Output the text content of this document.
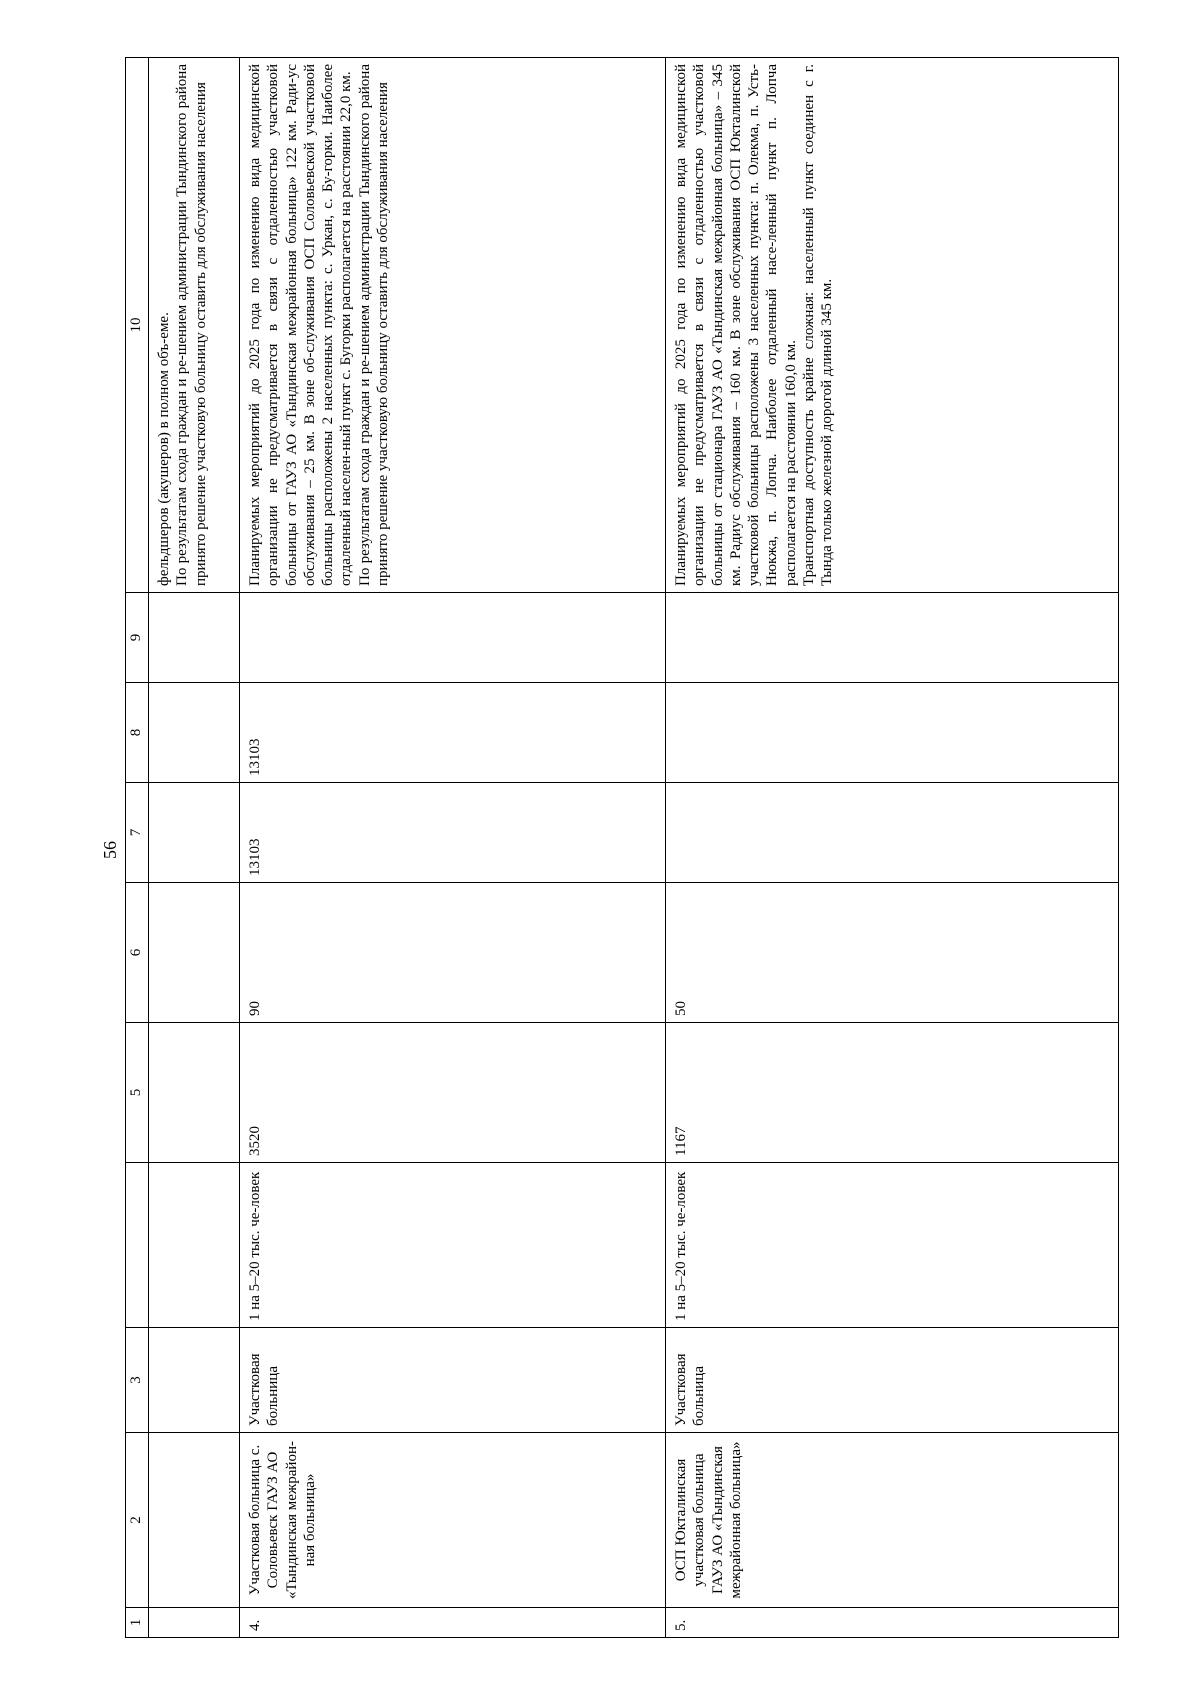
56
1	2	3		5	6	7	8	9	10

									фельдшеров (акушеров) в полном объ-еме. По результатам схода граждан и ре-шением администрации Тындинского района принято решение участковую больницу оставить для обслуживания населения

4.	Участковая больница с. Соловьевск ГАУЗ АО «Тындинская межрайон-ная больница»	Участковая больница	1 на 5–20 тыс. че-ловек	3520	90	13103	13103		Планируемых мероприятий до 2025 года по изменению вида медицинской организации не предусматривается в связи с отдаленностью участковой больницы от ГАУЗ АО «Тындинская межрайонная больница» 122 км. Ради-ус обслуживания – 25 км. В зоне об-служивания ОСП Соловьевской участковой больницы расположены 2 населенных пункта: с. Уркан, с. Бу-горки. Наиболее отдаленный населен-ный пункт с. Бугорки располагается на расстоянии 22,0 км. По результатам схода граждан и ре-шением администрации Тындинского района принято решение участковую больницу оставить для обслуживания населения

5.	ОСП Юкталинская участковая больница ГАУЗ АО «Тындинская межрайонная больница»	Участковая больница	1 на 5–20 тыс. че-ловек	1167	50				Планируемых мероприятий до 2025 года по изменению вида медицинской организации не предусматривается в связи с отдаленностью участковой больницы от стационара ГАУЗ АО «Тындинская межрайонная больница» – 345 км. Радиус обслуживания – 160 км. В зоне обслуживания ОСП Юкталинской участковой больницы расположены 3 населенных пункта: п. Олекма, п. Усть-Нюкжа, п. Лопча. Наиболее отдаленный насе-ленный пункт п. Лопча располагается на расстоянии 160,0 км. Транспортная доступность крайне сложная: населенный пункт соединен с г. Тында только железной дорогой длиной 345 км.
